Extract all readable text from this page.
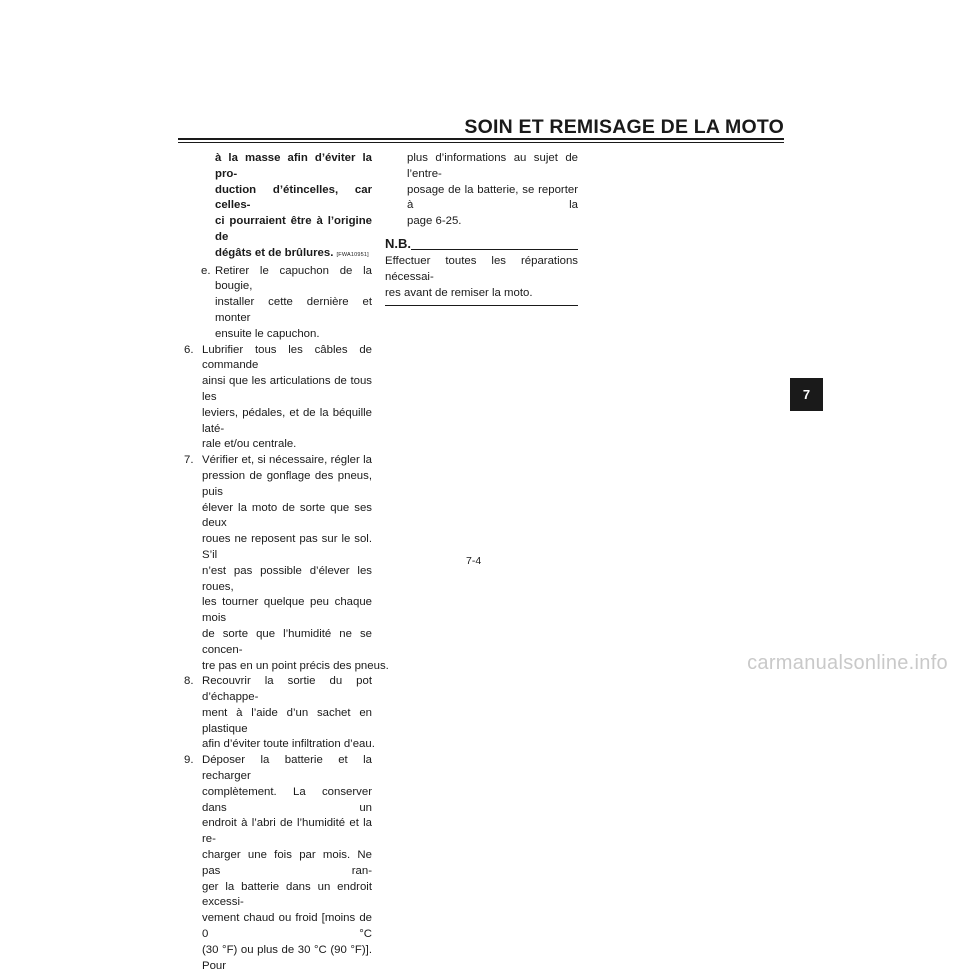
SOIN ET REMISAGE DE LA MOTO
à la masse afin d’éviter la pro-
duction d’étincelles, car celles-
ci pourraient être à l’origine de
dégâts et de brûlures. [FWA10951]
e. Retirer le capuchon de la bougie,
installer cette dernière et monter
ensuite le capuchon.
6. Lubrifier tous les câbles de commande
ainsi que les articulations de tous les
leviers, pédales, et de la béquille laté-
rale et/ou centrale.
7. Vérifier et, si nécessaire, régler la
pression de gonflage des pneus, puis
élever la moto de sorte que ses deux
roues ne reposent pas sur le sol. S’il
n’est pas possible d’élever les roues,
les tourner quelque peu chaque mois
de sorte que l’humidité ne se concen-
tre pas en un point précis des pneus.
8. Recouvrir la sortie du pot d’échappe-
ment à l’aide d’un sachet en plastique
afin d’éviter toute infiltration d’eau.
9. Déposer la batterie et la recharger
complètement. La conserver dans un
endroit à l’abri de l’humidité et la re-
charger une fois par mois. Ne pas ran-
ger la batterie dans un endroit excessi-
vement chaud ou froid [moins de 0 °C
(30 °F) ou plus de 30 °C (90 °F)]. Pour
plus d’informations au sujet de l’entre-
posage de la batterie, se reporter à la
page 6-25.
N.B.
Effectuer toutes les réparations nécessai-
res avant de remiser la moto.
7
7-4
carmanualsonline.info
